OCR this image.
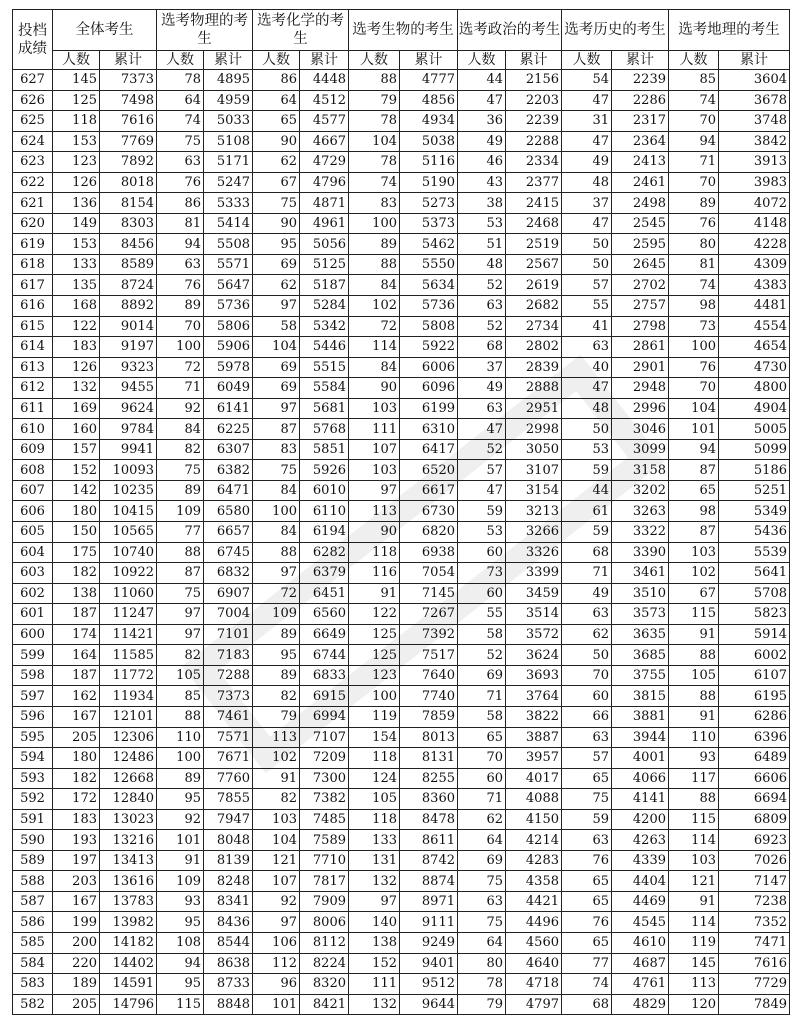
投档成绩	全体考生		选考物理的考生		选考化学的考生		选考生物的考生		选考政治的考生		选考历史的考生		选考地理的考生	
	人数	累计	人数	累计	人数	累计	人数	累计	人数	累计	人数	累计	人数	累计
627	145	7373	78	4895	86	4448	88	4777	44	2156	54	2239	85	3604
626	125	7498	64	4959	64	4512	79	4856	47	2203	47	2286	74	3678
625	118	7616	74	5033	65	4577	78	4934	36	2239	31	2317	70	3748
624	153	7769	75	5108	90	4667	104	5038	49	2288	47	2364	94	3842
623	123	7892	63	5171	62	4729	78	5116	46	2334	49	2413	71	3913
622	126	8018	76	5247	67	4796	74	5190	43	2377	48	2461	70	3983
621	136	8154	86	5333	75	4871	83	5273	38	2415	37	2498	89	4072
620	149	8303	81	5414	90	4961	100	5373	53	2468	47	2545	76	4148
619	153	8456	94	5508	95	5056	89	5462	51	2519	50	2595	80	4228
618	133	8589	63	5571	69	5125	88	5550	48	2567	50	2645	81	4309
617	135	8724	76	5647	62	5187	84	5634	52	2619	57	2702	74	4383
616	168	8892	89	5736	97	5284	102	5736	63	2682	55	2757	98	4481
615	122	9014	70	5806	58	5342	72	5808	52	2734	41	2798	73	4554
614	183	9197	100	5906	104	5446	114	5922	68	2802	63	2861	100	4654
613	126	9323	72	5978	69	5515	84	6006	37	2839	40	2901	76	4730
612	132	9455	71	6049	69	5584	90	6096	49	2888	47	2948	70	4800
611	169	9624	92	6141	97	5681	103	6199	63	2951	48	2996	104	4904
610	160	9784	84	6225	87	5768	111	6310	47	2998	50	3046	101	5005
609	157	9941	82	6307	83	5851	107	6417	52	3050	53	3099	94	5099
608	152	10093	75	6382	75	5926	103	6520	57	3107	59	3158	87	5186
607	142	10235	89	6471	84	6010	97	6617	47	3154	44	3202	65	5251
606	180	10415	109	6580	100	6110	113	6730	59	3213	61	3263	98	5349
605	150	10565	77	6657	84	6194	90	6820	53	3266	59	3322	87	5436
604	175	10740	88	6745	88	6282	118	6938	60	3326	68	3390	103	5539
603	182	10922	87	6832	97	6379	116	7054	73	3399	71	3461	102	5641
602	138	11060	75	6907	72	6451	91	7145	60	3459	49	3510	67	5708
601	187	11247	97	7004	109	6560	122	7267	55	3514	63	3573	115	5823
600	174	11421	97	7101	89	6649	125	7392	58	3572	62	3635	91	5914
599	164	11585	82	7183	95	6744	125	7517	52	3624	50	3685	88	6002
598	187	11772	105	7288	89	6833	123	7640	69	3693	70	3755	105	6107
597	162	11934	85	7373	82	6915	100	7740	71	3764	60	3815	88	6195
596	167	12101	88	7461	79	6994	119	7859	58	3822	66	3881	91	6286
595	205	12306	110	7571	113	7107	154	8013	65	3887	63	3944	110	6396
594	180	12486	100	7671	102	7209	118	8131	70	3957	57	4001	93	6489
593	182	12668	89	7760	91	7300	124	8255	60	4017	65	4066	117	6606
592	172	12840	95	7855	82	7382	105	8360	71	4088	75	4141	88	6694
591	183	13023	92	7947	103	7485	118	8478	62	4150	59	4200	115	6809
590	193	13216	101	8048	104	7589	133	8611	64	4214	63	4263	114	6923
589	197	13413	91	8139	121	7710	131	8742	69	4283	76	4339	103	7026
588	203	13616	109	8248	107	7817	132	8874	75	4358	65	4404	121	7147
587	167	13783	93	8341	92	7909	97	8971	63	4421	65	4469	91	7238
586	199	13982	95	8436	97	8006	140	9111	75	4496	76	4545	114	7352
585	200	14182	108	8544	106	8112	138	9249	64	4560	65	4610	119	7471
584	220	14402	94	8638	112	8224	152	9401	80	4640	77	4687	145	7616
583	189	14591	95	8733	96	8320	111	9512	78	4718	74	4761	113	7729
582	205	14796	115	8848	101	8421	132	9644	79	4797	68	4829	120	7849
